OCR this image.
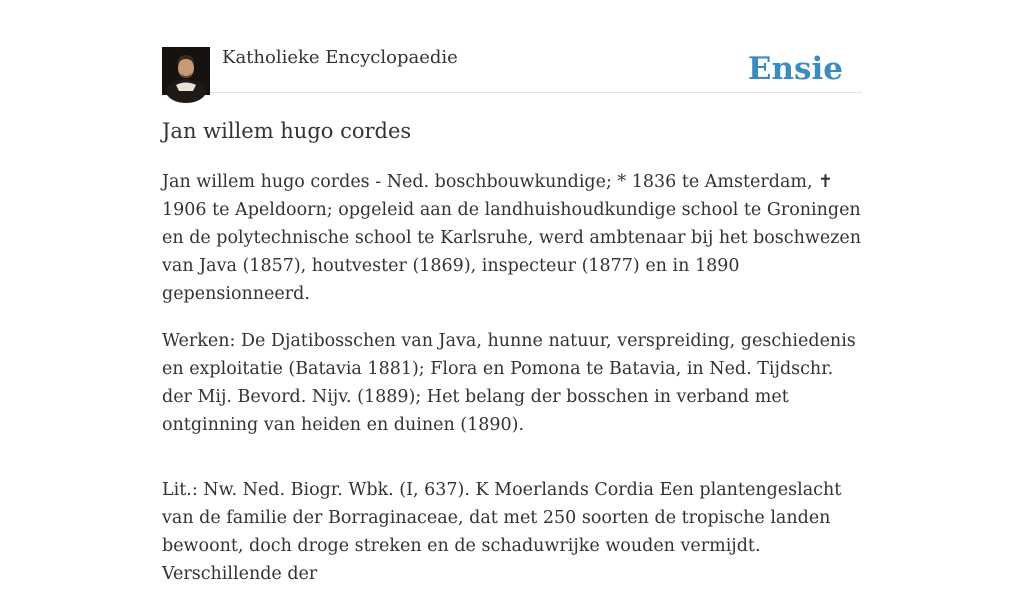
Katholieke Encyclopaedie	Ensie
Jan willem hugo cordes

Jan willem hugo cordes - Ned. boschbouwkundige; * 1836 te Amsterdam, ✝ 1906 te Apeldoorn; opgeleid aan de landhuishoudkundige school te Groningen en de polytechnische school te Karlsruhe, werd ambtenaar bij het boschwezen van Java (1857), houtvester (1869), inspecteur (1877) en in 1890 gepensionneerd.

Werken: De Djatibosschen van Java, hunne natuur, verspreiding, geschiedenis en exploitatie (Batavia 1881); Flora en Pomona te Batavia, in Ned. Tijdschr. der Mij. Bevord. Nijv. (1889); Het belang der bosschen in verband met ontginning van heiden en duinen (1890).

Lit.: Nw. Ned. Biogr. Wbk. (I, 637). K Moerlands Cordia Een plantengeslacht van de familie der Borraginaceae, dat met 250 soorten de tropische landen bewoont, doch droge streken en de schaduwrijke wouden vermijdt. Verschillende der
